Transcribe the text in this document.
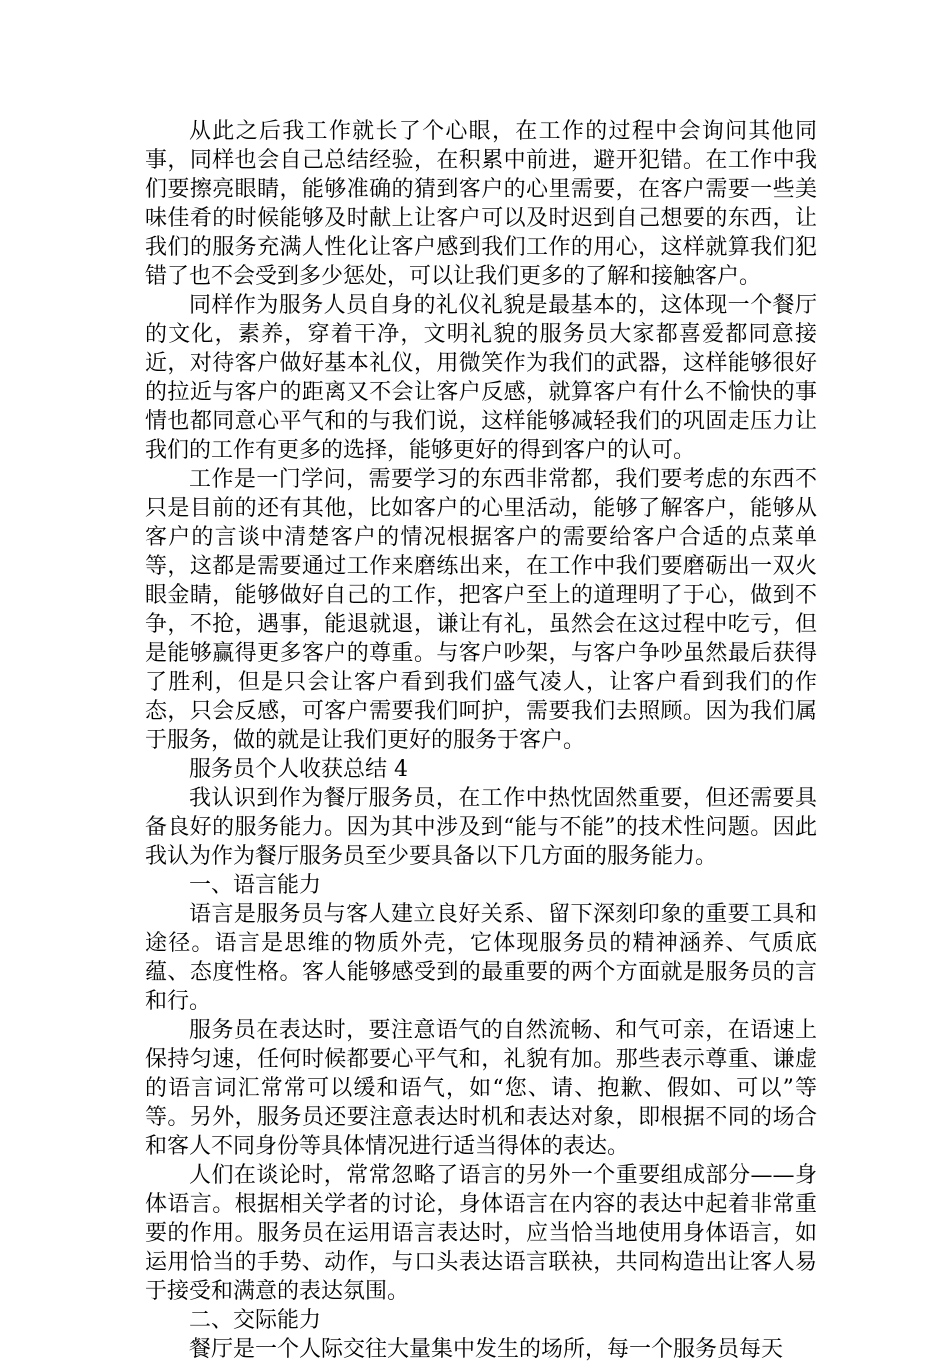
从此之后我工作就长了个心眼，在工作的过程中会询问其他同事，同样也会自己总结经验，在积累中前进，避开犯错。在工作中我们要擦亮眼睛，能够准确的猜到客户的心里需要，在客户需要一些美味佳肴的时候能够及时献上让客户可以及时迟到自己想要的东西，让我们的服务充满人性化让客户感到我们工作的用心，这样就算我们犯错了也不会受到多少惩处，可以让我们更多的了解和接触客户。

同样作为服务人员自身的礼仪礼貌是最基本的，这体现一个餐厅的文化，素养，穿着干净，文明礼貌的服务员大家都喜爱都同意接近，对待客户做好基本礼仪，用微笑作为我们的武器，这样能够很好的拉近与客户的距离又不会让客户反感，就算客户有什么不愉快的事情也都同意心平气和的与我们说，这样能够减轻我们的巩固走压力让我们的工作有更多的选择，能够更好的得到客户的认可。

工作是一门学问，需要学习的东西非常都，我们要考虑的东西不只是目前的还有其他，比如客户的心里活动，能够了解客户，能够从客户的言谈中清楚客户的情况根据客户的需要给客户合适的点菜单等，这都是需要通过工作来磨练出来，在工作中我们要磨砺出一双火眼金睛，能够做好自己的工作，把客户至上的道理明了于心，做到不争，不抢，遇事，能退就退，谦让有礼，虽然会在这过程中吃亏，但是能够赢得更多客户的尊重。与客户吵架，与客户争吵虽然最后获得了胜利，但是只会让客户看到我们盛气凌人，让客户看到我们的作态，只会反感，可客户需要我们呵护，需要我们去照顾。因为我们属于服务，做的就是让我们更好的服务于客户。

服务员个人收获总结 4

我认识到作为餐厅服务员，在工作中热忱固然重要，但还需要具备良好的服务能力。因为其中涉及到“能与不能”的技术性问题。因此我认为作为餐厅服务员至少要具备以下几方面的服务能力。

一、语言能力

语言是服务员与客人建立良好关系、留下深刻印象的重要工具和途径。语言是思维的物质外壳，它体现服务员的精神涵养、气质底蕴、态度性格。客人能够感受到的最重要的两个方面就是服务员的言和行。

服务员在表达时，要注意语气的自然流畅、和气可亲，在语速上保持匀速，任何时候都要心平气和，礼貌有加。那些表示尊重、谦虚的语言词汇常常可以缓和语气，如“您、请、抱歉、假如、可以”等等。另外，服务员还要注意表达时机和表达对象，即根据不同的场合和客人不同身份等具体情况进行适当得体的表达。

人们在谈论时，常常忽略了语言的另外一个重要组成部分——身体语言。根据相关学者的讨论，身体语言在内容的表达中起着非常重要的作用。服务员在运用语言表达时，应当恰当地使用身体语言，如运用恰当的手势、动作，与口头表达语言联袂，共同构造出让客人易于接受和满意的表达氛围。

二、交际能力

餐厅是一个人际交往大量集中发生的场所，每一个服务员每天
